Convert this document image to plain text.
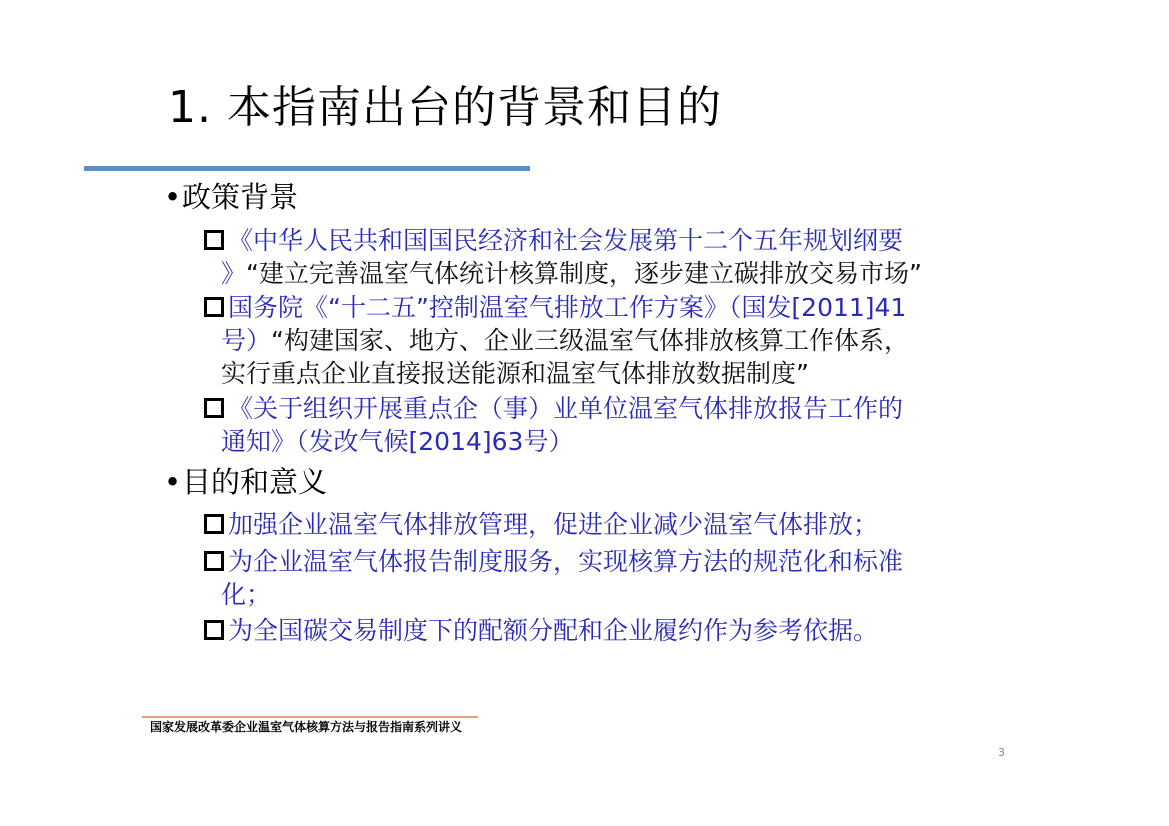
1. 本指南出台的背景和目的
•政策背景
《中华人民共和国国民经济和社会发展第十二个五年规划纲要
》“建立完善温室气体统计核算制度，逐步建立碳排放交易市场”
国务院《“十二五”控制温室气排放工作方案》（国发[2011]41
号）“构建国家、地方、企业三级温室气体排放核算工作体系，
实行重点企业直接报送能源和温室气体排放数据制度”
《关于组织开展重点企（事）业单位温室气体排放报告工作的
通知》（发改气候[2014]63号）
•目的和意义
加强企业温室气体排放管理，促进企业减少温室气体排放；
为企业温室气体报告制度服务，实现核算方法的规范化和标准
化；
为全国碳交易制度下的配额分配和企业履约作为参考依据。
国家发展改革委企业温室气体核算方法与报告指南系列讲义
3
